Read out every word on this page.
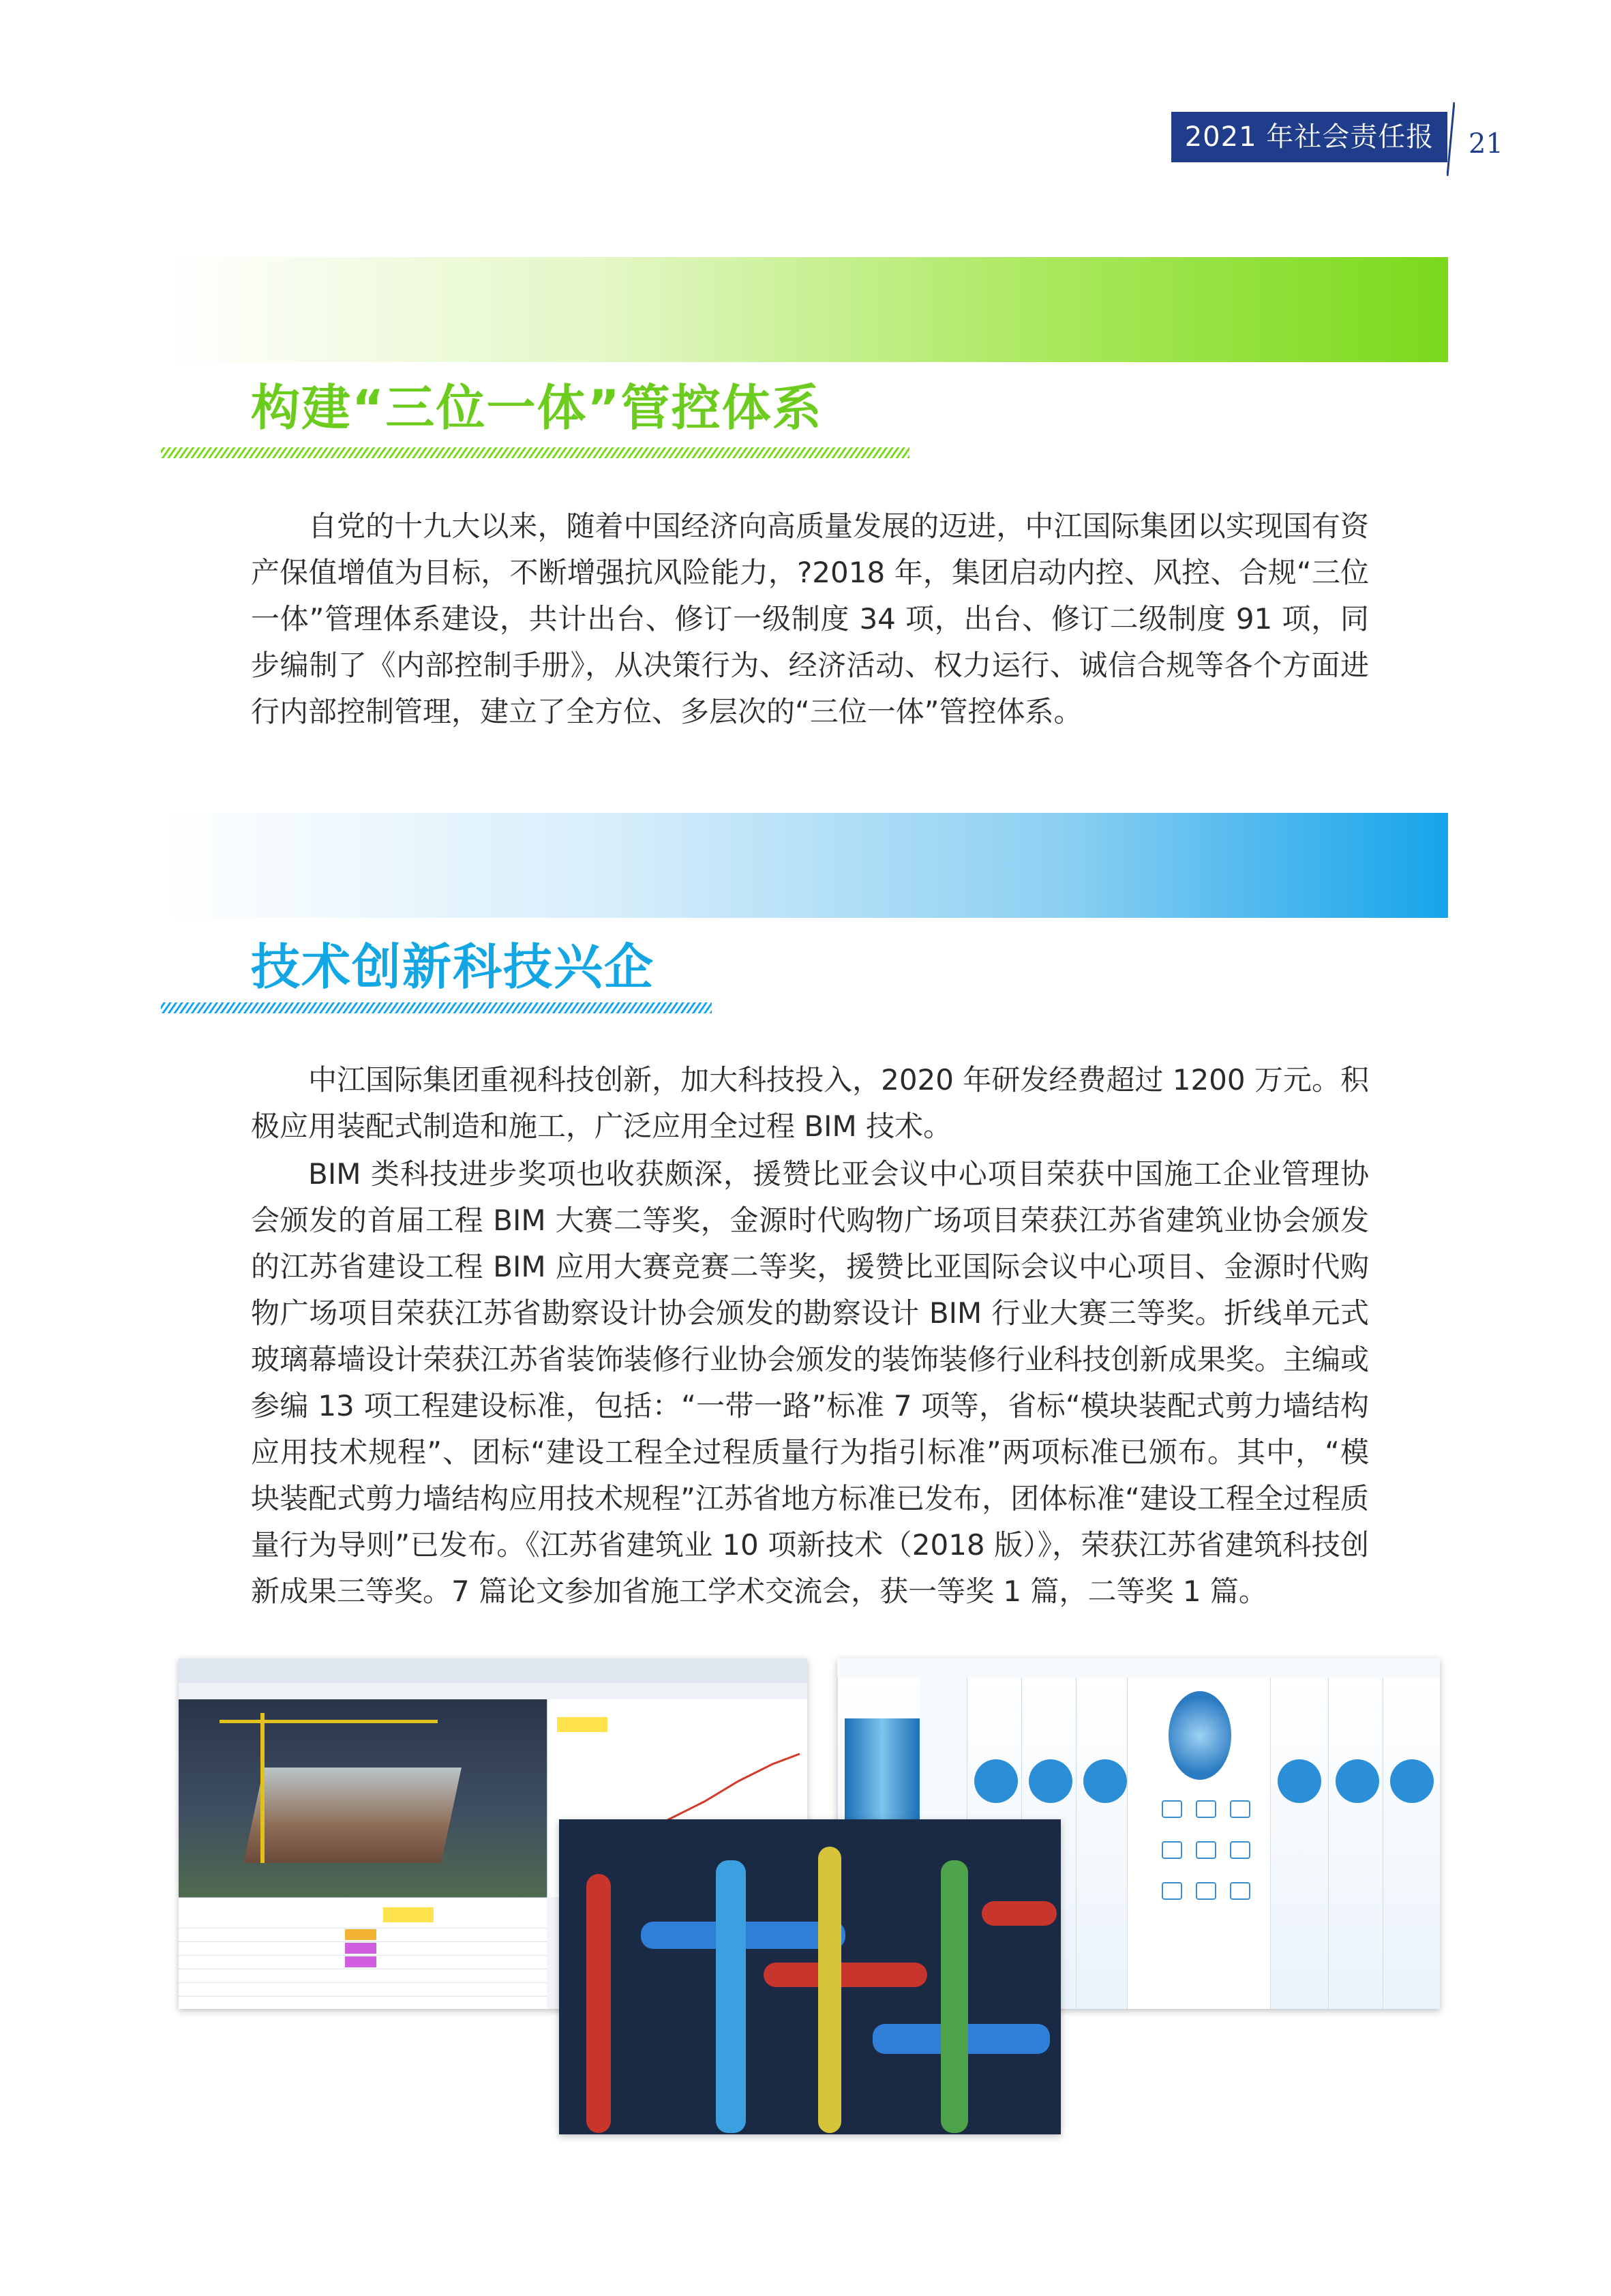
2021 年社会责任报告
21
构建“三位一体”管控体系

自党的十九大以来，随着中国经济向高质量发展的迈进，中江国际集团以实现国有资产保值增值为目标，不断增强抗风险能力，?2018 年，集团启动内控、风控、合规“三位一体”管理体系建设，共计出台、修订一级制度 34 项，出台、修订二级制度 91 项，同步编制了《内部控制手册》，从决策行为、经济活动、权力运行、诚信合规等各个方面进行内部控制管理，建立了全方位、多层次的“三位一体”管控体系。

技术创新科技兴企

中江国际集团重视科技创新，加大科技投入，2020 年研发经费超过 1200 万元。积极应用装配式制造和施工，广泛应用全过程 BIM 技术。

BIM 类科技进步奖项也收获颇深，援赞比亚会议中心项目荣获中国施工企业管理协会颁发的首届工程 BIM 大赛二等奖，金源时代购物广场项目荣获江苏省建筑业协会颁发的江苏省建设工程 BIM 应用大赛竞赛二等奖，援赞比亚国际会议中心项目、金源时代购物广场项目荣获江苏省勘察设计协会颁发的勘察设计 BIM 行业大赛三等奖。折线单元式玻璃幕墙设计荣获江苏省装饰装修行业协会颁发的装饰装修行业科技创新成果奖。主编或参编 13 项工程建设标准，包括：“一带一路”标准 7 项等，省标“模块装配式剪力墙结构应用技术规程”、团标“建设工程全过程质量行为指引标准”两项标准已颁布。其中，“模块装配式剪力墙结构应用技术规程”江苏省地方标准已发布，团体标准“建设工程全过程质量行为导则”已发布。《江苏省建筑业 10 项新技术（2018 版）》，荣获江苏省建筑科技创新成果三等奖。7 篇论文参加省施工学术交流会，获一等奖 1 篇，二等奖 1 篇。
